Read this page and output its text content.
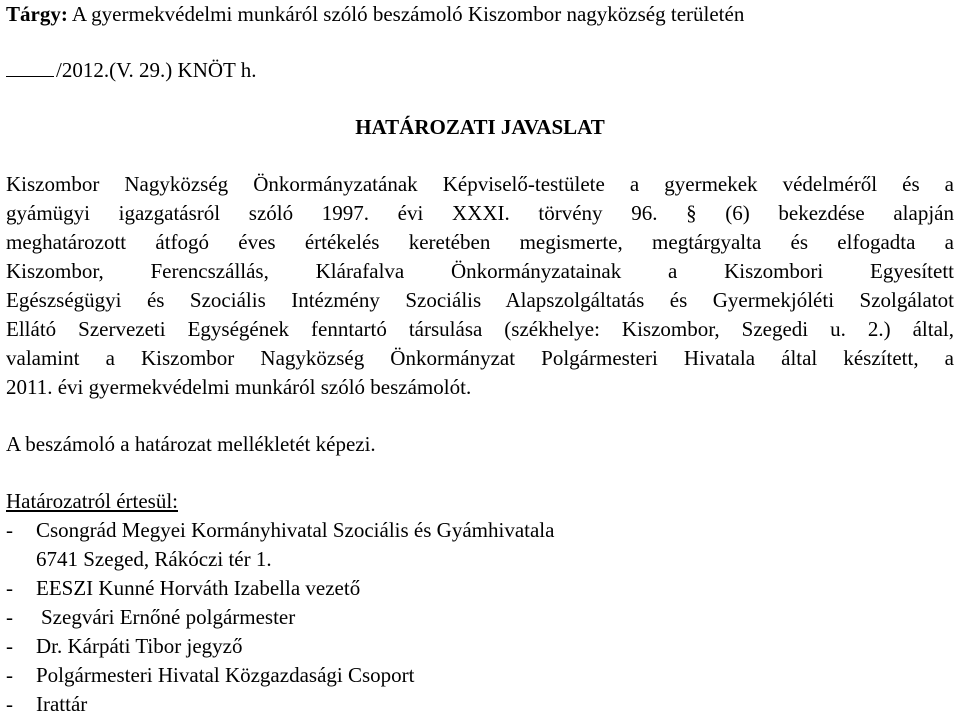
Tárgy: A gyermekvédelmi munkáról szóló beszámoló Kiszombor nagyközség területén
/2012.(V. 29.) KNÖT h.
HATÁROZATI JAVASLAT
Kiszombor Nagyközség Önkormányzatának Képviselő-testülete a gyermekek védelméről és a
gyámügyi igazgatásról szóló 1997. évi XXXI. törvény 96. § (6) bekezdése alapján
meghatározott átfogó éves értékelés keretében megismerte, megtárgyalta és elfogadta a
Kiszombor, Ferencszállás, Klárafalva Önkormányzatainak a Kiszombori Egyesített
Egészségügyi és Szociális Intézmény Szociális Alapszolgáltatás és Gyermekjóléti Szolgálatot
Ellátó Szervezeti Egységének fenntartó társulása (székhelye: Kiszombor, Szegedi u. 2.) által,
valamint a Kiszombor Nagyközség Önkormányzat Polgármesteri Hivatala által készített, a
2011. évi gyermekvédelmi munkáról szóló beszámolót.
A beszámoló a határozat mellékletét képezi.
Határozatról értesül:
- Csongrád Megyei Kormányhivatal Szociális és Gyámhivatala
6741 Szeged, Rákóczi tér 1.
- EESZI Kunné Horváth Izabella vezető
- Szegvári Ernőné polgármester
- Dr. Kárpáti Tibor jegyző
- Polgármesteri Hivatal Közgazdasági Csoport
- Irattár
